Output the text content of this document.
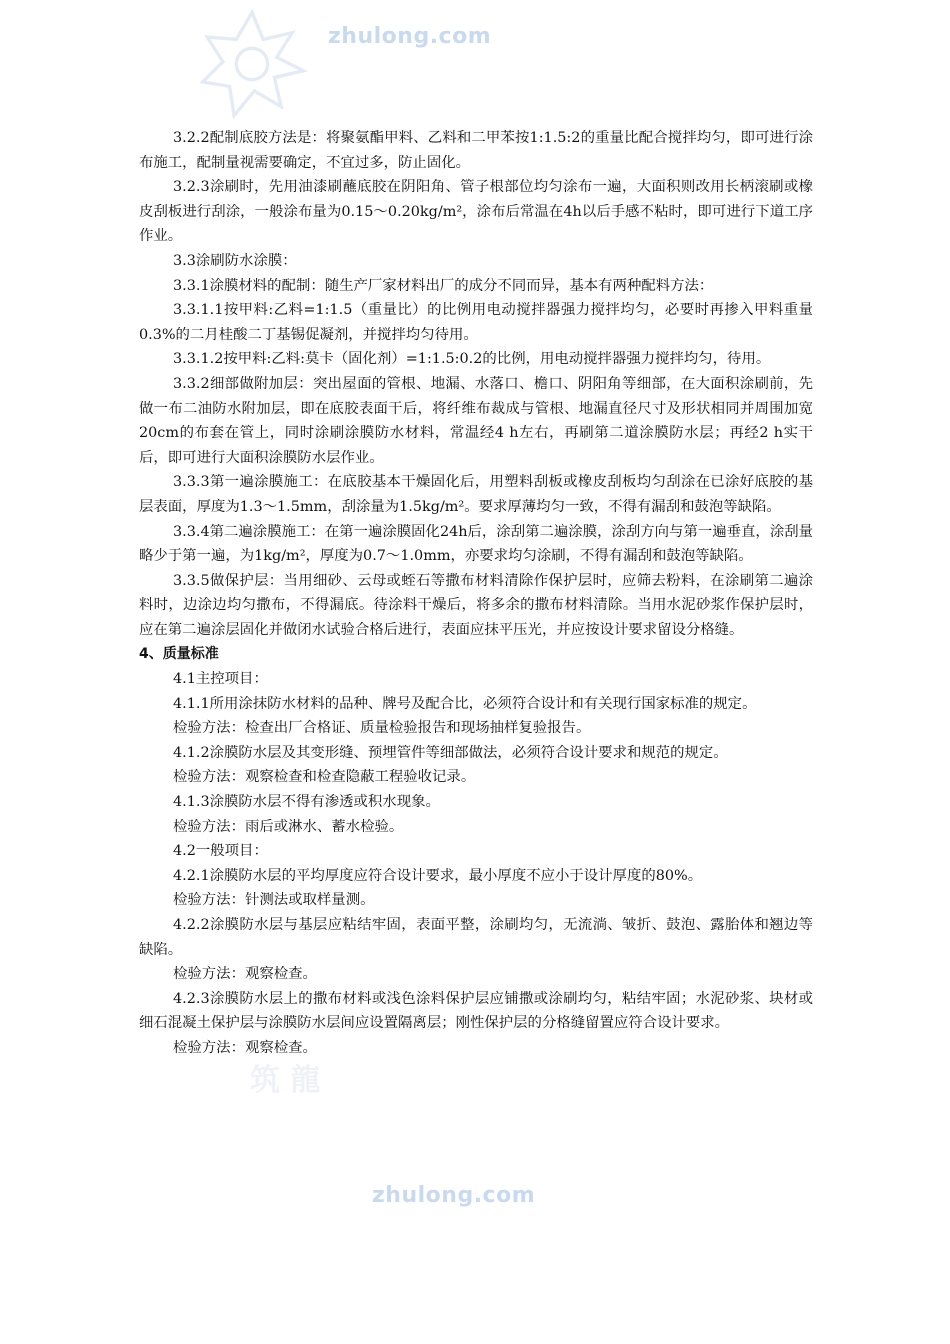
zhulong.com
筑 龍
zhulong.com

3.2.2配制底胶方法是：将聚氨酯甲料、乙料和二甲苯按1:1.5:2的重量比配合搅拌均匀，即可进行涂布施工，配制量视需要确定，不宜过多，防止固化。

3.2.3涂刷时，先用油漆刷蘸底胶在阴阳角、管子根部位均匀涂布一遍，大面积则改用长柄滚刷或橡皮刮板进行刮涂，一般涂布量为0.15～0.20kg/m²，涂布后常温在4h以后手感不粘时，即可进行下道工序作业。

3.3涂刷防水涂膜：

3.3.1涂膜材料的配制：随生产厂家材料出厂的成分不同而异，基本有两种配料方法：

3.3.1.1按甲料:乙料=1:1.5（重量比）的比例用电动搅拌器强力搅拌均匀，必要时再掺入甲料重量0.3%的二月桂酸二丁基锡促凝剂，并搅拌均匀待用。

3.3.1.2按甲料:乙料:莫卡（固化剂）=1:1.5:0.2的比例，用电动搅拌器强力搅拌均匀，待用。

3.3.2细部做附加层：突出屋面的管根、地漏、水落口、檐口、阴阳角等细部，在大面积涂刷前，先做一布二油防水附加层，即在底胶表面干后，将纤维布裁成与管根、地漏直径尺寸及形状相同并周围加宽20cm的布套在管上，同时涂刷涂膜防水材料，常温经4 h左右，再刷第二道涂膜防水层；再经2 h实干后，即可进行大面积涂膜防水层作业。

3.3.3第一遍涂膜施工：在底胶基本干燥固化后，用塑料刮板或橡皮刮板均匀刮涂在已涂好底胶的基层表面，厚度为1.3～1.5mm，刮涂量为1.5kg/m²。要求厚薄均匀一致，不得有漏刮和鼓泡等缺陷。

3.3.4第二遍涂膜施工：在第一遍涂膜固化24h后，涂刮第二遍涂膜，涂刮方向与第一遍垂直，涂刮量略少于第一遍，为1kg/m²，厚度为0.7～1.0mm，亦要求均匀涂刷，不得有漏刮和鼓泡等缺陷。

3.3.5做保护层：当用细砂、云母或蛭石等撒布材料清除作保护层时，应筛去粉料，在涂刷第二遍涂料时，边涂边均匀撒布，不得漏底。待涂料干燥后，将多余的撒布材料清除。当用水泥砂浆作保护层时，应在第二遍涂层固化并做闭水试验合格后进行，表面应抹平压光，并应按设计要求留设分格缝。

4、质量标准

4.1主控项目：

4.1.1所用涂抹防水材料的品种、牌号及配合比，必须符合设计和有关现行国家标准的规定。

检验方法：检查出厂合格证、质量检验报告和现场抽样复验报告。

4.1.2涂膜防水层及其变形缝、预埋管件等细部做法，必须符合设计要求和规范的规定。

检验方法：观察检查和检查隐蔽工程验收记录。

4.1.3涂膜防水层不得有渗透或积水现象。

检验方法：雨后或淋水、蓄水检验。

4.2一般项目：

4.2.1涂膜防水层的平均厚度应符合设计要求，最小厚度不应小于设计厚度的80%。

检验方法：针测法或取样量测。

4.2.2涂膜防水层与基层应粘结牢固，表面平整，涂刷均匀，无流淌、皱折、鼓泡、露胎体和翘边等缺陷。

检验方法：观察检查。

4.2.3涂膜防水层上的撒布材料或浅色涂料保护层应铺撒或涂刷均匀，粘结牢固；水泥砂浆、块材或细石混凝土保护层与涂膜防水层间应设置隔离层；刚性保护层的分格缝留置应符合设计要求。

检验方法：观察检查。
